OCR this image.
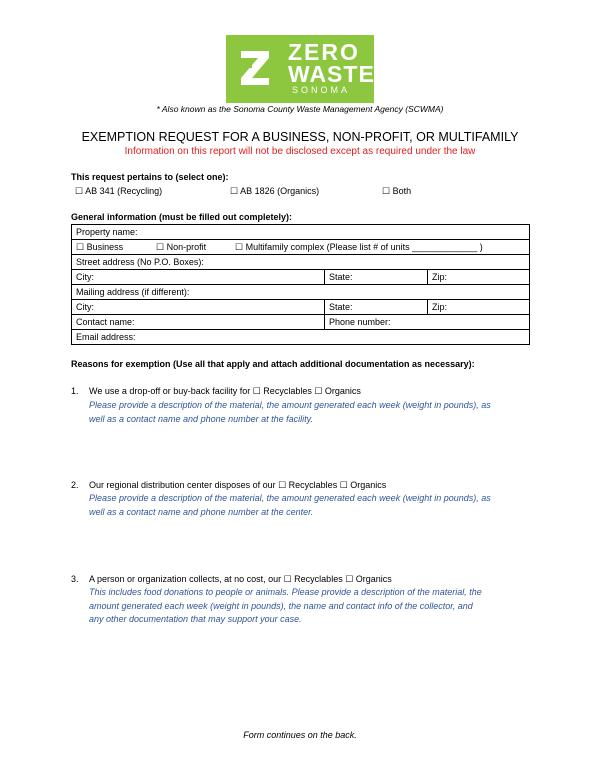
ZERO
WASTE
SONOMA
* Also known as the Sonoma County Waste Management Agency (SCWMA)
EXEMPTION REQUEST FOR A BUSINESS, NON-PROFIT, OR MULTIFAMILY
Information on this report will not be disclosed except as required under the law
This request pertains to (select one):
☐ AB 341 (Recycling)	☐ AB 1826 (Organics)	☐ Both
General information (must be filled out completely):
Property name:		
☐ Business ☐ Non-profit ☐ Multifamily complex (Please list # of units _____________ )		
Street address (No P.O. Boxes):		
City:	State:	Zip:
Mailing address (if different):		
City:	State:	Zip:
Contact name:	Phone number:	
Email address:		
Reasons for exemption (Use all that apply and attach additional documentation as necessary):
1. We use a drop-off or buy-back facility for ☐ Recyclables ☐ Organics
Please provide a description of the material, the amount generated each week (weight in pounds), as
well as a contact name and phone number at the facility.
2. Our regional distribution center disposes of our ☐ Recyclables ☐ Organics
Please provide a description of the material, the amount generated each week (weight in pounds), as
well as a contact name and phone number at the center.
3. A person or organization collects, at no cost, our ☐ Recyclables ☐ Organics
This includes food donations to people or animals. Please provide a description of the material, the
amount generated each week (weight in pounds), the name and contact info of the collector, and
any other documentation that may support your case.
Form continues on the back.
